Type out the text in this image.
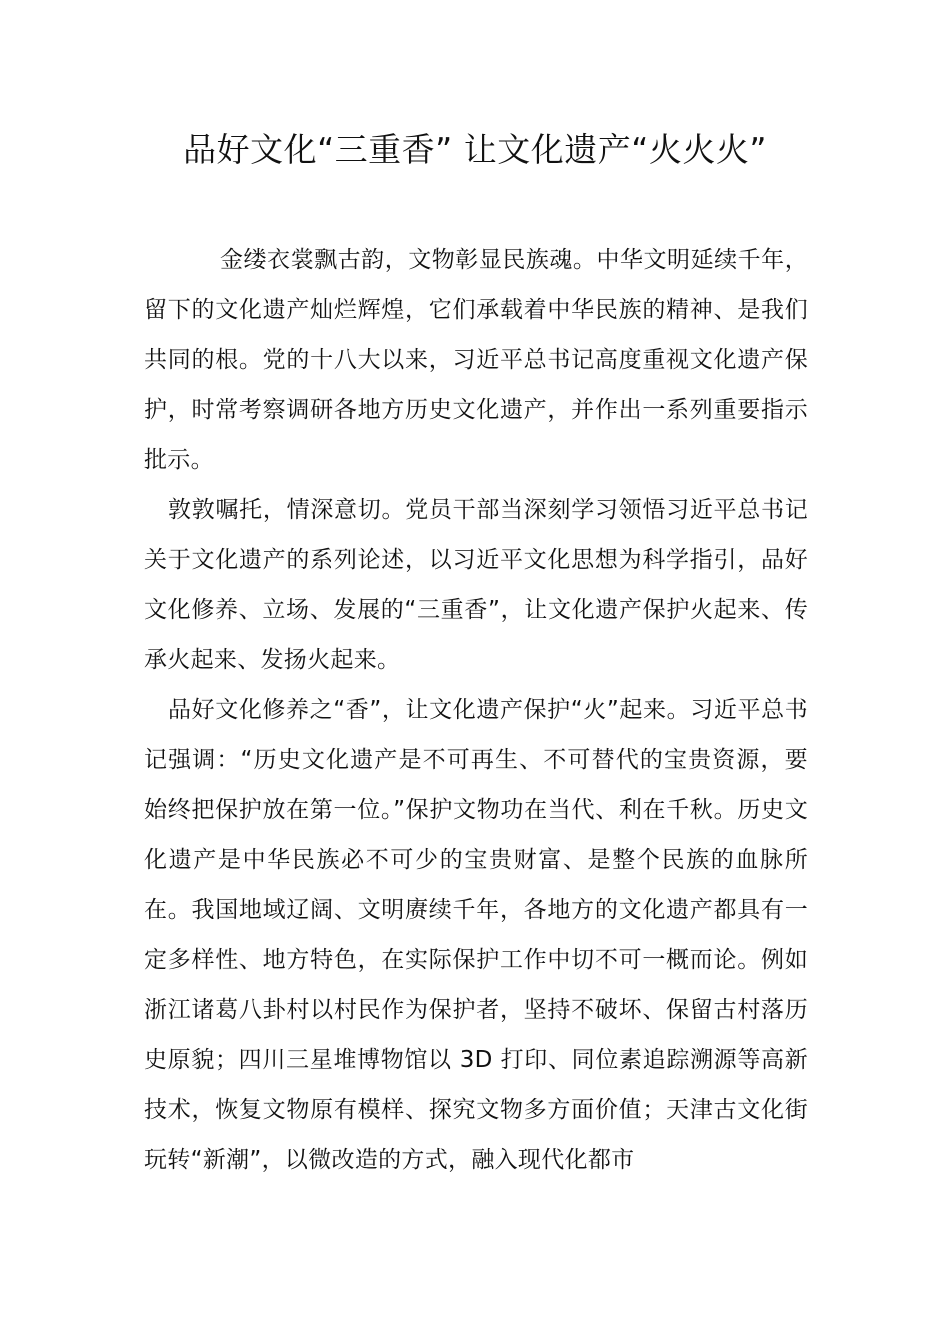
品好文化“三重香” 让文化遗产“火火火”

金缕衣裳飘古韵，文物彰显民族魂。中华文明延续千年，留下的文化遗产灿烂辉煌，它们承载着中华民族的精神、是我们共同的根。党的十八大以来，习近平总书记高度重视文化遗产保护，时常考察调研各地方历史文化遗产，并作出一系列重要指示批示。

敦敦嘱托，情深意切。党员干部当深刻学习领悟习近平总书记关于文化遗产的系列论述，以习近平文化思想为科学指引，品好文化修养、立场、发展的“三重香”，让文化遗产保护火起来、传承火起来、发扬火起来。

品好文化修养之“香”，让文化遗产保护“火”起来。习近平总书记强调：“历史文化遗产是不可再生、不可替代的宝贵资源，要始终把保护放在第一位。”保护文物功在当代、利在千秋。历史文化遗产是中华民族必不可少的宝贵财富、是整个民族的血脉所在。我国地域辽阔、文明赓续千年，各地方的文化遗产都具有一定多样性、地方特色，在实际保护工作中切不可一概而论。例如浙江诸葛八卦村以村民作为保护者，坚持不破坏、保留古村落历史原貌；四川三星堆博物馆以 3D 打印、同位素追踪溯源等高新技术，恢复文物原有模样、探究文物多方面价值；天津古文化街玩转“新潮”，以微改造的方式，融入现代化都市
